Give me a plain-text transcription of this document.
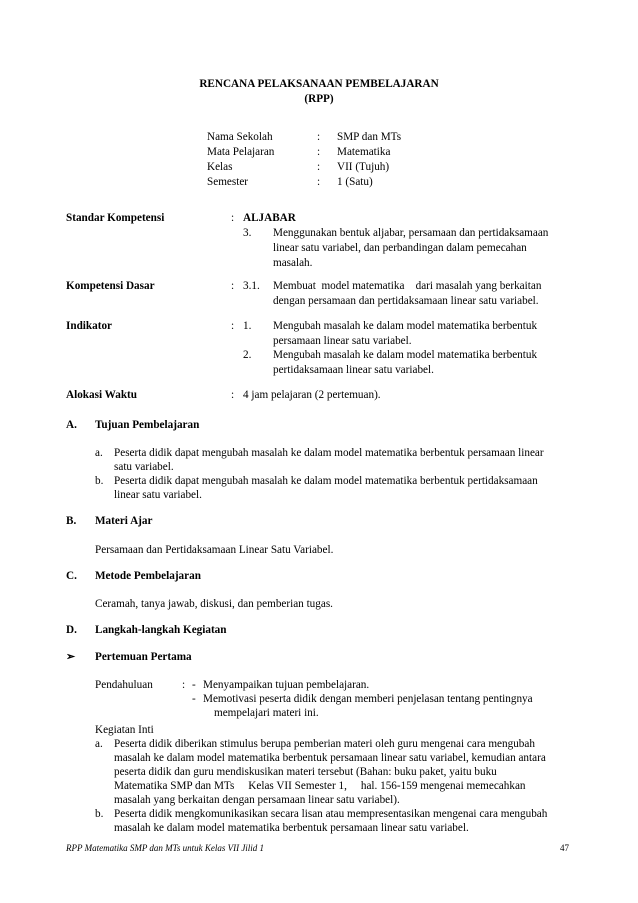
RENCANA PELAKSANAAN PEMBELAJARAN
(RPP)
Nama Sekolah	: SMP dan MTs
Mata Pelajaran	: Matematika
Kelas	: VII (Tujuh)
Semester	: 1 (Satu)
Standar Kompetensi	: ALJABAR
3. Menggunakan bentuk aljabar, persamaan dan pertidaksamaan
linear satu variabel, dan perbandingan dalam pemecahan
masalah.
Kompetensi Dasar	: 3.1. Membuat  model matematika    dari masalah yang berkaitan
dengan persamaan dan pertidaksamaan linear satu variabel.
Indikator	: 1. Mengubah masalah ke dalam model matematika berbentuk
persamaan linear satu variabel.
2. Mengubah masalah ke dalam model matematika berbentuk
pertidaksamaan linear satu variabel.
Alokasi Waktu	: 4 jam pelajaran (2 pertemuan).
A. Tujuan Pembelajaran
a. Peserta didik dapat mengubah masalah ke dalam model matematika berbentuk persamaan linear
satu variabel.
b. Peserta didik dapat mengubah masalah ke dalam model matematika berbentuk pertidaksamaan
linear satu variabel.
B. Materi Ajar
Persamaan dan Pertidaksamaan Linear Satu Variabel.
C. Metode Pembelajaran
Ceramah, tanya jawab, diskusi, dan pemberian tugas.
D. Langkah-langkah Kegiatan
➢ Pertemuan Pertama
Pendahuluan	: - Menyampaikan tujuan pembelajaran.
- Memotivasi peserta didik dengan memberi penjelasan tentang pentingnya
mempelajari materi ini.
Kegiatan Inti
a. Peserta didik diberikan stimulus berupa pemberian materi oleh guru mengenai cara mengubah
masalah ke dalam model matematika berbentuk persamaan linear satu variabel, kemudian antara
peserta didik dan guru mendiskusikan materi tersebut (Bahan: buku paket, yaitu buku
Matematika SMP dan MTs     Kelas VII Semester 1,     hal. 156-159 mengenai memecahkan
masalah yang berkaitan dengan persamaan linear satu variabel).
b. Peserta didik mengkomunikasikan secara lisan atau mempresentasikan mengenai cara mengubah
masalah ke dalam model matematika berbentuk persamaan linear satu variabel.
RPP Matematika SMP dan MTs untuk Kelas VII Jilid 1	47
